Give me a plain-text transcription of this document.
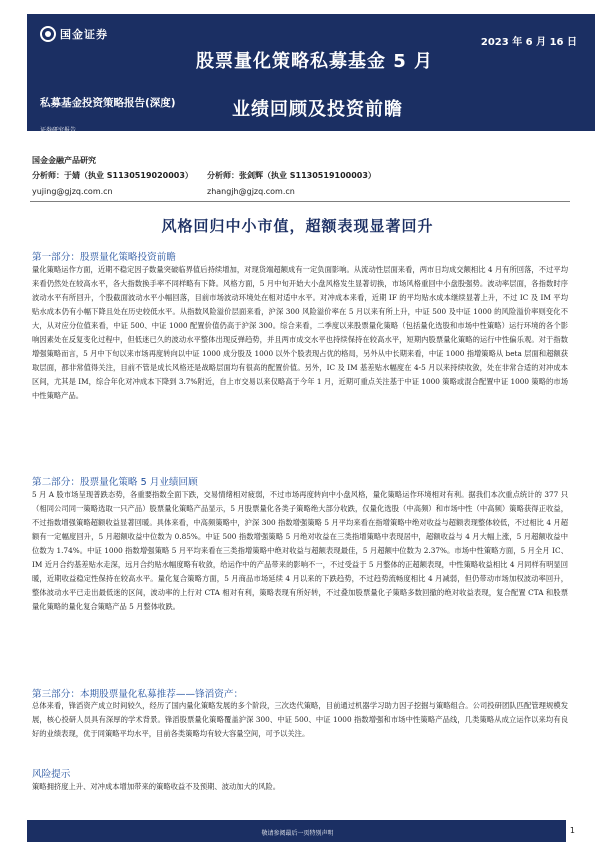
国金证券
2023 年 6 月 16 日
股票量化策略私募基金 5 月
业绩回顾及投资前瞻
私募基金投资策略报告(深度)
证券研究报告
国金金融产品研究
分析师：于婧（执业 S1130519020003）
yujing@gjzq.com.cn
分析师：张剑辉（执业 S1130519100003）
zhangjh@gjzq.com.cn
风格回归中小市值，超额表现显著回升
第一部分：股票量化策略投资前瞻

量化策略运作方面，近期不稳定因子数量突破临界值后持续增加，对现货端超额成有一定负面影响。从流动性层面来看，两市日均成交额相比 4 月有所回落，不过平均来看仍然处在较高水平，各大指数换手率不同样略有下降。风格方面，5 月中旬开始大小盘风格发生显著切换，市场风格重回中小盘股强势。波动率层面，各指数时序波动水平有所回升，个股截面波动水平小幅回落，目前市场波动环境处在相对适中水平。对冲成本来看，近期 IF 的平均贴水成本继续显著上升，不过 IC 及 IM 平均贴水成本仍有小幅下降且处在历史较低水平。从指数风险溢价层面来看，沪深 300 风险溢价率在 5 月以来有所上升，中证 500 及中证 1000 的风险溢价率则变化不大，从对应分位值来看，中证 500、中证 1000 配置价值仍高于沪深 300。综合来看，二季度以来股票量化策略（包括量化选股和市场中性策略）运行环境的各个影响因素处在反复变化过程中，但低迷已久的波动水平整体出现反弹趋势，并且两市成交水平也持续保持在较高水平，短期内股票量化策略的运行中性偏乐观。对于指数增强策略而言，5 月中下旬以来市场再度转向以中证 1000 成分股及 1000 以外个股表现占优的格局，另外从中长期来看，中证 1000 指增策略从 beta 层面和超额获取层面，都非常值得关注，目前不管是成长风格还是战略层面均有很高的配置价值。另外，IC 及 IM 基差贴水幅度在 4-5 月以来持续收敛，处在非常合适的对冲成本区间，尤其是 IM，综合年化对冲成本下降到 3.7%附近，自上市交易以来仅略高于今年 1 月，近期可重点关注基于中证 1000 策略或混合配置中证 1000 策略的市场中性策略产品。

第二部分：股票量化策略 5 月业绩回顾

5 月 A 股市场呈现普跌态势，各重要指数全面下跌，交易情绪相对疲弱，不过市场再度转向中小盘风格，量化策略运作环境相对有利。据我们本次重点统计的 377 只（相同公司同一策略选取一只产品）股票量化策略产品显示，5 月股票量化各类子策略绝大部分收跌，仅量化选股（中高频）和市场中性（中高频）策略获得正收益，不过指数增强策略超额收益显著回暖。具体来看，中高频策略中，沪深 300 指数增强策略 5 月平均来看在指增策略中绝对收益与超额表现整体较低，不过相比 4 月超额有一定幅度回升，5 月超额收益中位数为 0.85%。中证 500 指数增强策略 5 月绝对收益在三类指增策略中表现居中，超额收益与 4 月大幅上涨，5 月超额收益中位数为 1.74%。中证 1000 指数增强策略 5 月平均来看在三类指增策略中绝对收益与超额表现最佳，5 月超额中位数为 2.37%。市场中性策略方面，5 月全月 IC、IM 近月合约基差贴水走深，远月合约贴水幅度略有收敛，给运作中的产品带来的影响不一，不过受益于 5 月整体的正超额表现，中性策略收益相比 4 月同样有明显回暖，近期收益稳定性保持在较高水平。量化复合策略方面，5 月商品市场延续 4 月以来的下跌趋势，不过趋势流畅度相比 4 月减弱，但仍带动市场加权波动率回升，整体波动水平已走出最低迷的区间，波动率的上行对 CTA 相对有利，策略表现有所好转，不过叠加股票量化子策略多数回撤的绝对收益表现，复合配置 CTA 和股票量化策略的量化复合策略产品 5 月整体收跌。

第三部分：本期股票量化私募推荐——锋滔资产：

总体来看，锋滔资产成立时间较久，经历了国内量化策略发展的多个阶段，三次迭代策略，目前通过机器学习助力因子挖掘与策略组合。公司投研团队匹配管理规模发展，核心投研人员具有深厚的学术背景。锋滔股票量化策略覆盖沪深 300、中证 500、中证 1000 指数增强和市场中性策略产品线，几类策略从成立运作以来均有良好的业绩表现，优于同策略平均水平，目前各类策略均有较大容量空间，可予以关注。

风险提示

策略拥挤度上升、对冲成本增加带来的策略收益不及预期、波动加大的风险。

敬请参阅最后一页特别声明	1
